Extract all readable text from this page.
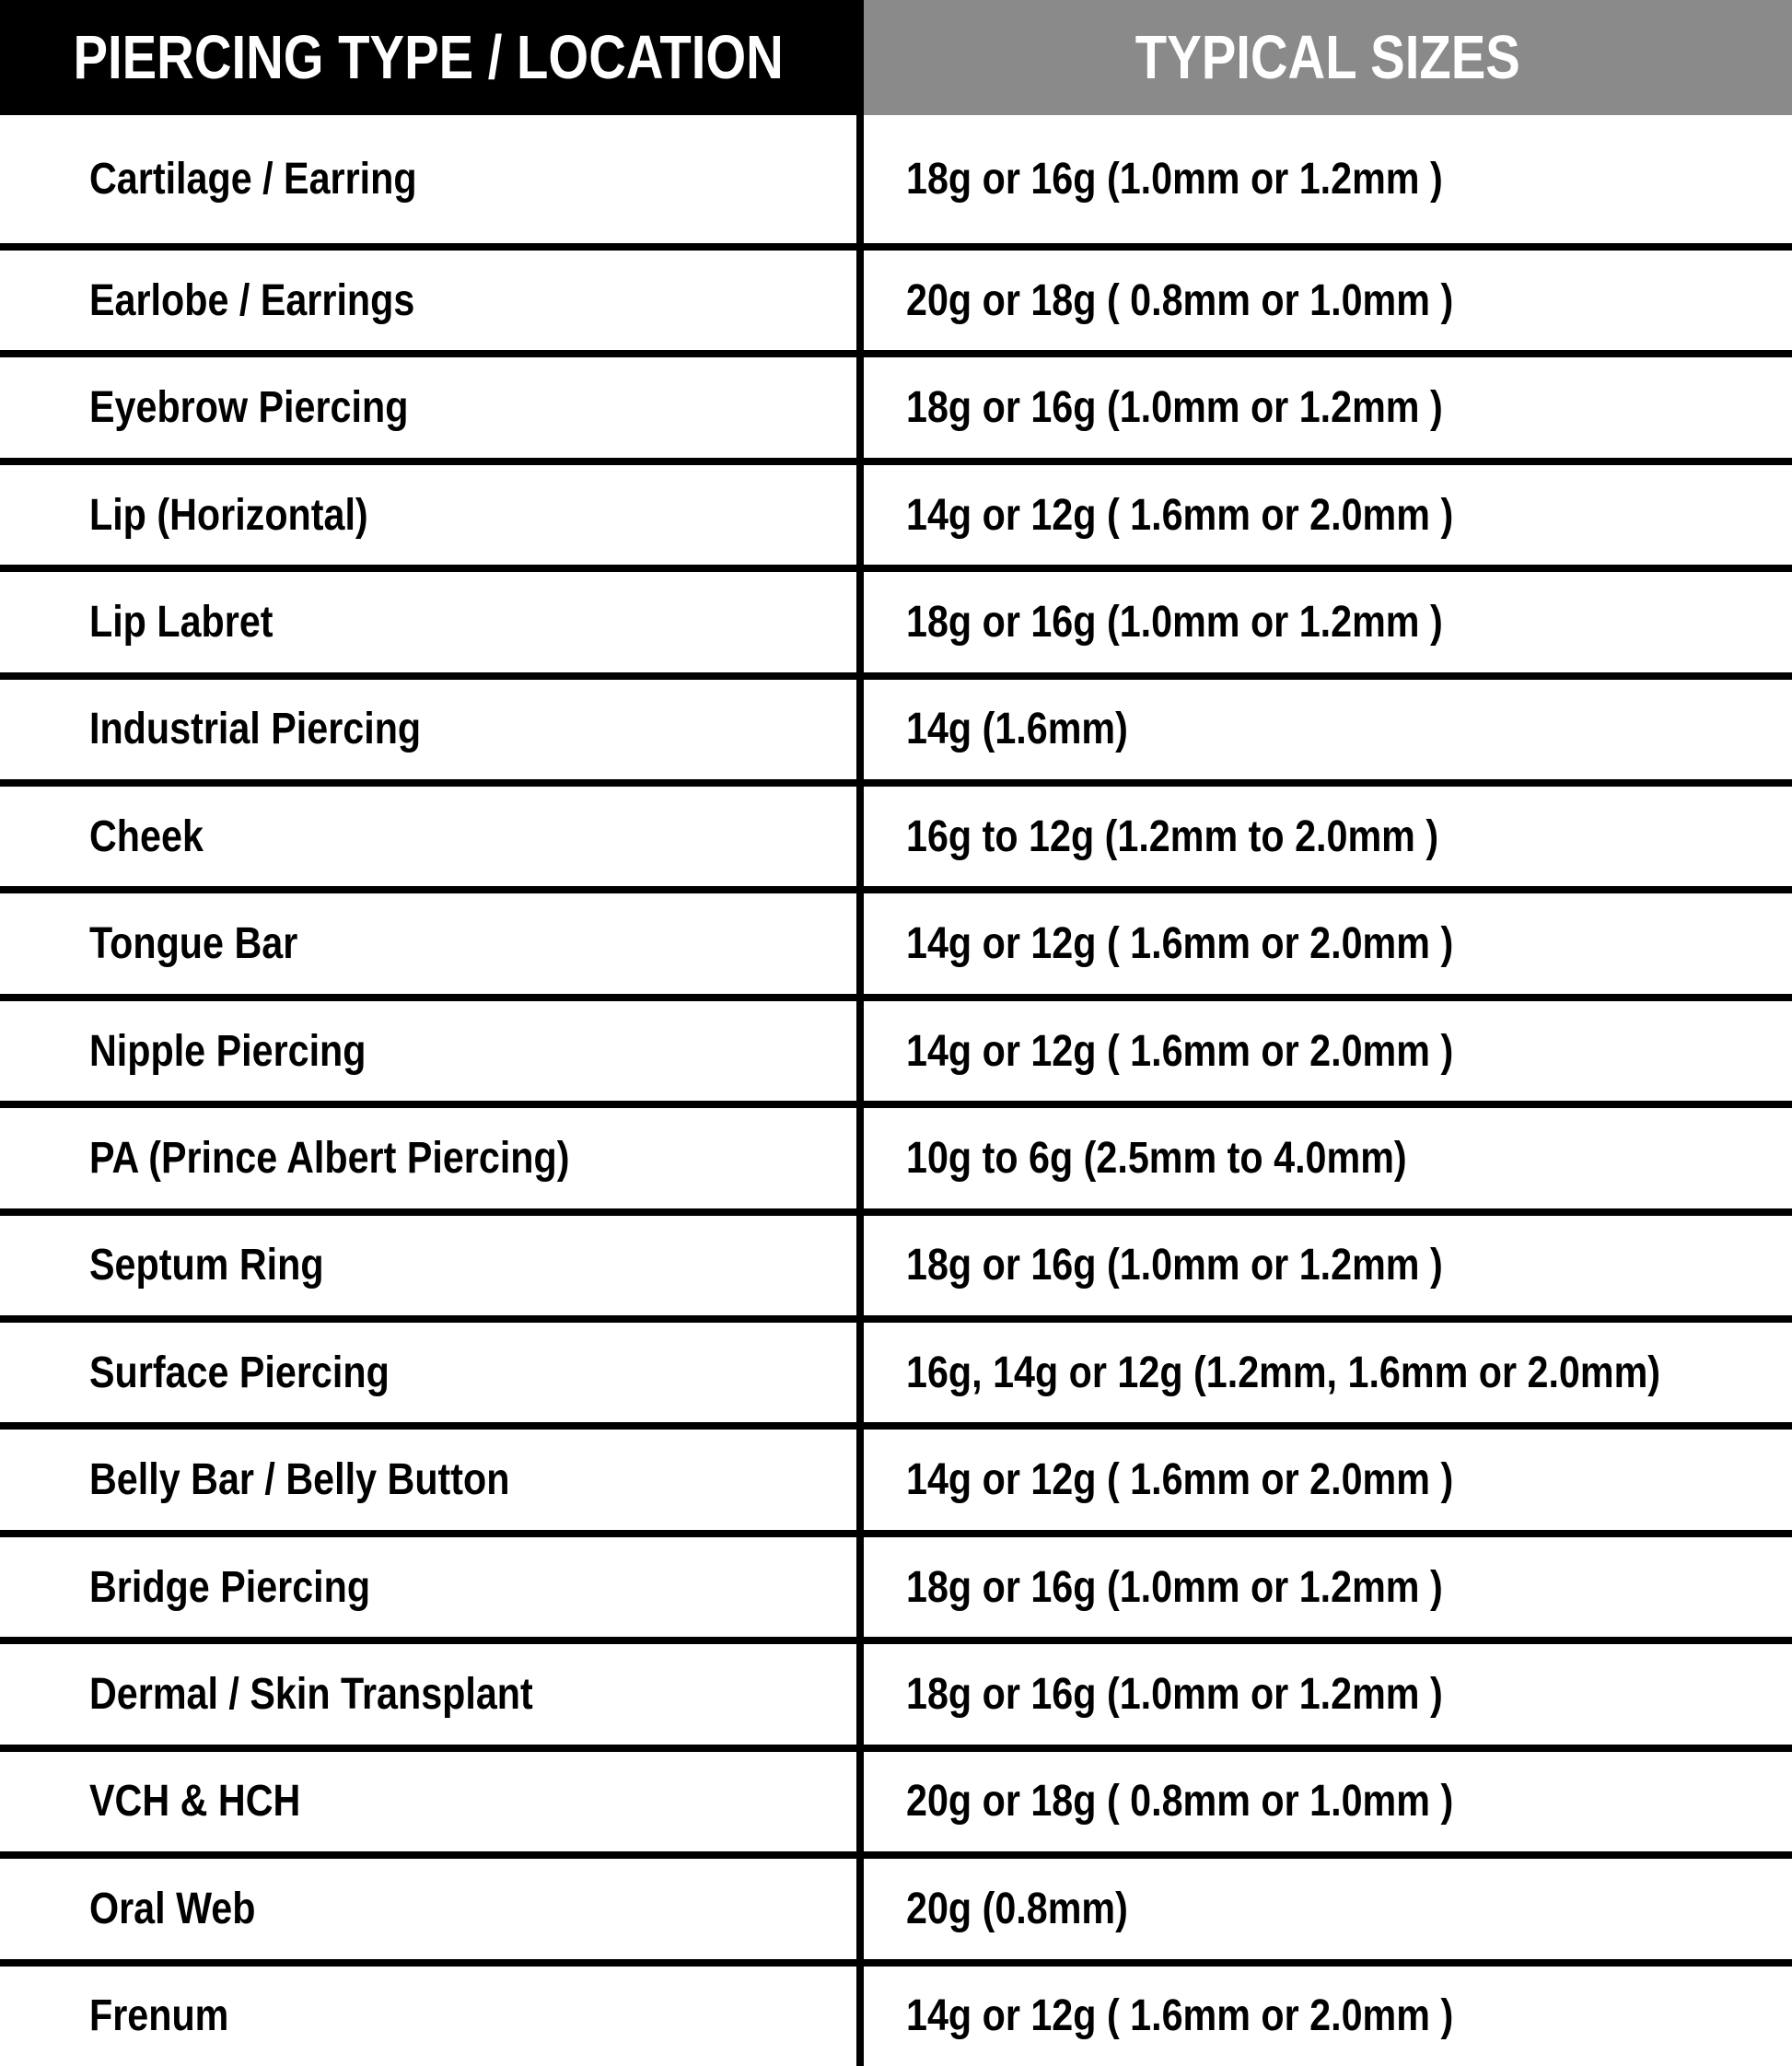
PIERCING TYPE / LOCATION	TYPICAL SIZES
Cartilage / Earring	18g or 16g (1.0mm or 1.2mm )
Earlobe / Earrings	20g or 18g ( 0.8mm or 1.0mm )
Eyebrow Piercing	18g or 16g (1.0mm or 1.2mm )
Lip (Horizontal)	14g or 12g ( 1.6mm or 2.0mm )
Lip Labret	18g or 16g (1.0mm or 1.2mm )
Industrial Piercing	14g (1.6mm)
Cheek	16g to 12g (1.2mm to 2.0mm )
Tongue Bar	14g or 12g ( 1.6mm or 2.0mm )
Nipple Piercing	14g or 12g ( 1.6mm or 2.0mm )
PA (Prince Albert Piercing)	10g to 6g (2.5mm to 4.0mm)
Septum Ring	18g or 16g (1.0mm or 1.2mm )
Surface Piercing	16g, 14g or 12g (1.2mm, 1.6mm or 2.0mm)
Belly Bar / Belly Button	14g or 12g ( 1.6mm or 2.0mm )
Bridge Piercing	18g or 16g (1.0mm or 1.2mm )
Dermal / Skin Transplant	18g or 16g (1.0mm or 1.2mm )
VCH & HCH	20g or 18g ( 0.8mm or 1.0mm )
Oral Web	20g (0.8mm)
Frenum	14g or 12g ( 1.6mm or 2.0mm )
